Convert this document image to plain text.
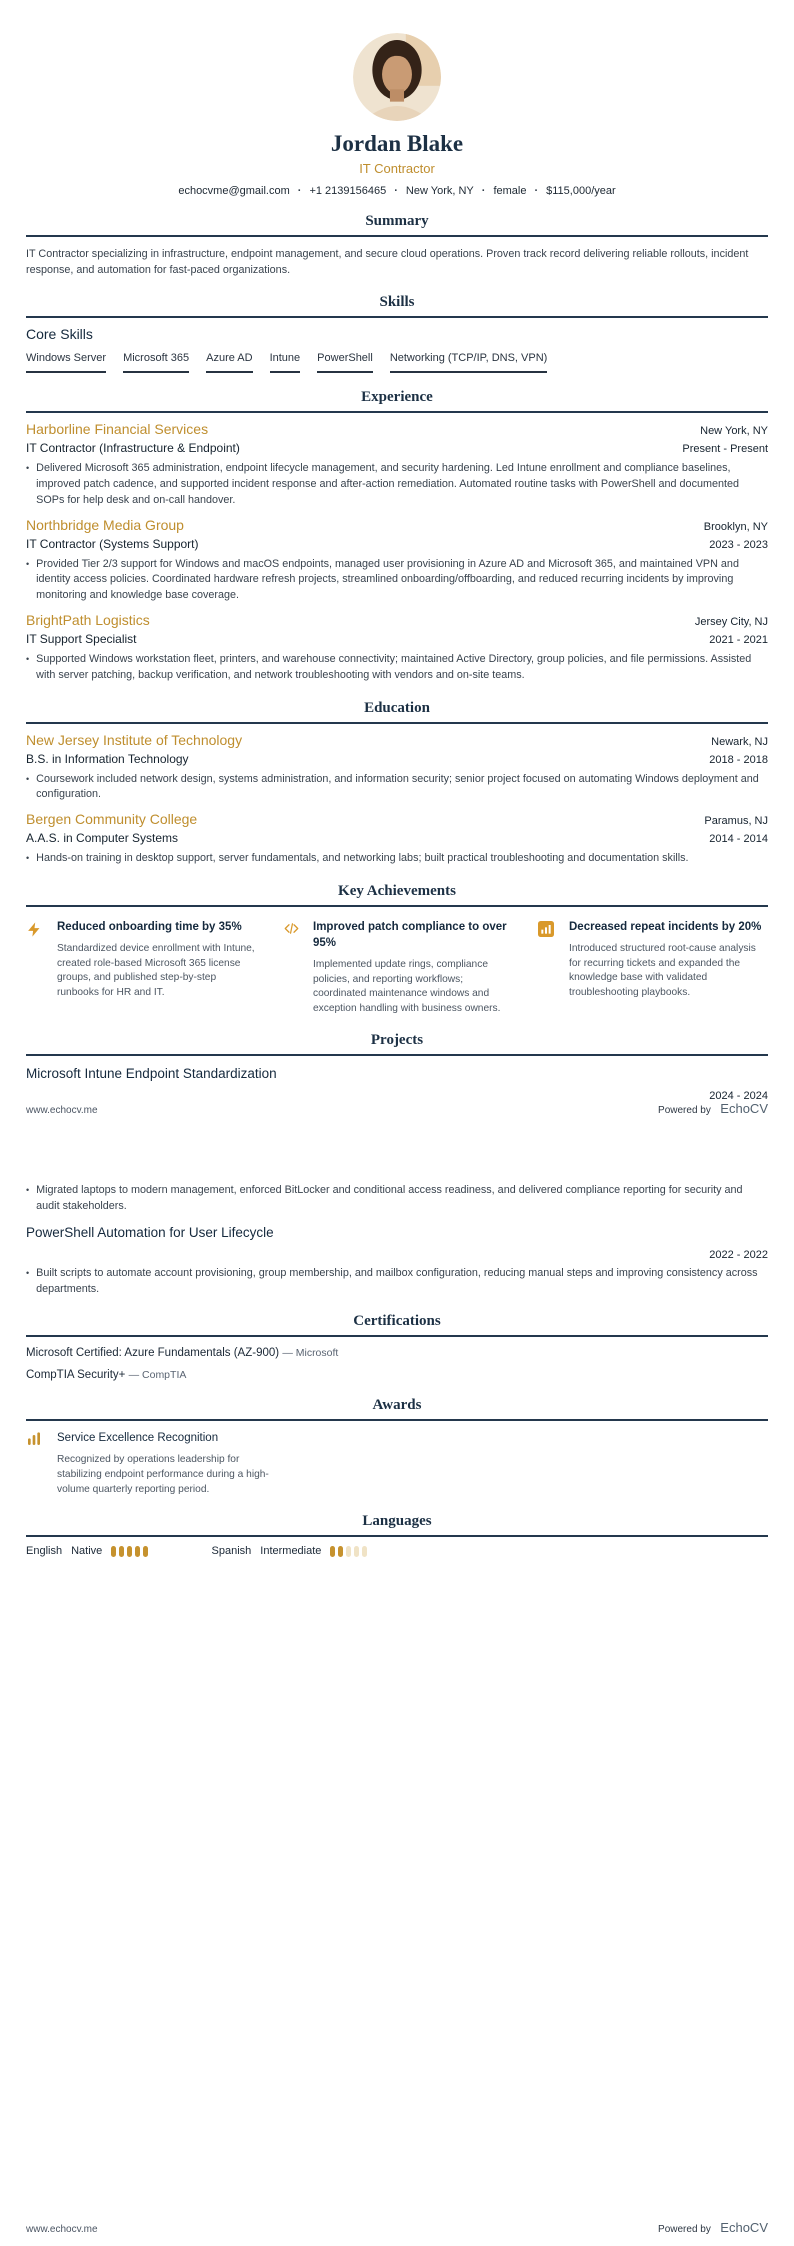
Jordan Blake
IT Contractor
echocvme@gmail.com · +1 2139156465 · New York, NY · female · $115,000/year
Summary

IT Contractor specializing in infrastructure, endpoint management, and secure cloud operations. Proven track record delivering reliable rollouts, incident response, and automation for fast-paced organizations.

Skills
Core Skills
Windows Server Microsoft 365 Azure AD Intune PowerShell Networking (TCP/IP, DNS, VPN)
Experience
Harborline Financial Services	New York, NY
IT Contractor (Infrastructure & Endpoint)	Present - Present
• Delivered Microsoft 365 administration, endpoint lifecycle management, and security hardening. Led Intune enrollment and compliance baselines, improved patch cadence, and supported incident response and after-action remediation. Automated routine tasks with PowerShell and documented SOPs for help desk and on-call handover.
Northbridge Media Group	Brooklyn, NY
IT Contractor (Systems Support)	2023 - 2023
• Provided Tier 2/3 support for Windows and macOS endpoints, managed user provisioning in Azure AD and Microsoft 365, and maintained VPN and identity access policies. Coordinated hardware refresh projects, streamlined onboarding/offboarding, and reduced recurring incidents by improving monitoring and knowledge base coverage.
BrightPath Logistics	Jersey City, NJ
IT Support Specialist	2021 - 2021
• Supported Windows workstation fleet, printers, and warehouse connectivity; maintained Active Directory, group policies, and file permissions. Assisted with server patching, backup verification, and network troubleshooting with vendors and on-site teams.
Education
New Jersey Institute of Technology	Newark, NJ
B.S. in Information Technology	2018 - 2018
• Coursework included network design, systems administration, and information security; senior project focused on automating Windows deployment and configuration.
Bergen Community College	Paramus, NJ
A.A.S. in Computer Systems	2014 - 2014
• Hands-on training in desktop support, server fundamentals, and networking labs; built practical troubleshooting and documentation skills.
Key Achievements
Reduced onboarding time by 35%
Standardized device enrollment with Intune, created role-based Microsoft 365 license groups, and published step-by-step runbooks for HR and IT.
Improved patch compliance to over 95%
Implemented update rings, compliance policies, and reporting workflows; coordinated maintenance windows and exception handling with business owners.
Decreased repeat incidents by 20%
Introduced structured root-cause analysis for recurring tickets and expanded the knowledge base with validated troubleshooting playbooks.
Projects
Microsoft Intune Endpoint Standardization
2024 - 2024
• Migrated laptops to modern management, enforced BitLocker and conditional access readiness, and delivered compliance reporting for security and audit stakeholders.
PowerShell Automation for User Lifecycle
2022 - 2022
• Built scripts to automate account provisioning, group membership, and mailbox configuration, reducing manual steps and improving consistency across departments.
Certifications
Microsoft Certified: Azure Fundamentals (AZ-900) — Microsoft
CompTIA Security+ — CompTIA
Awards
Service Excellence Recognition
Recognized by operations leadership for stabilizing endpoint performance during a high-volume quarterly reporting period.
Languages
English Native	Spanish Intermediate
www.echocv.me	Powered by EchoCV
www.echocv.me	Powered by EchoCV
